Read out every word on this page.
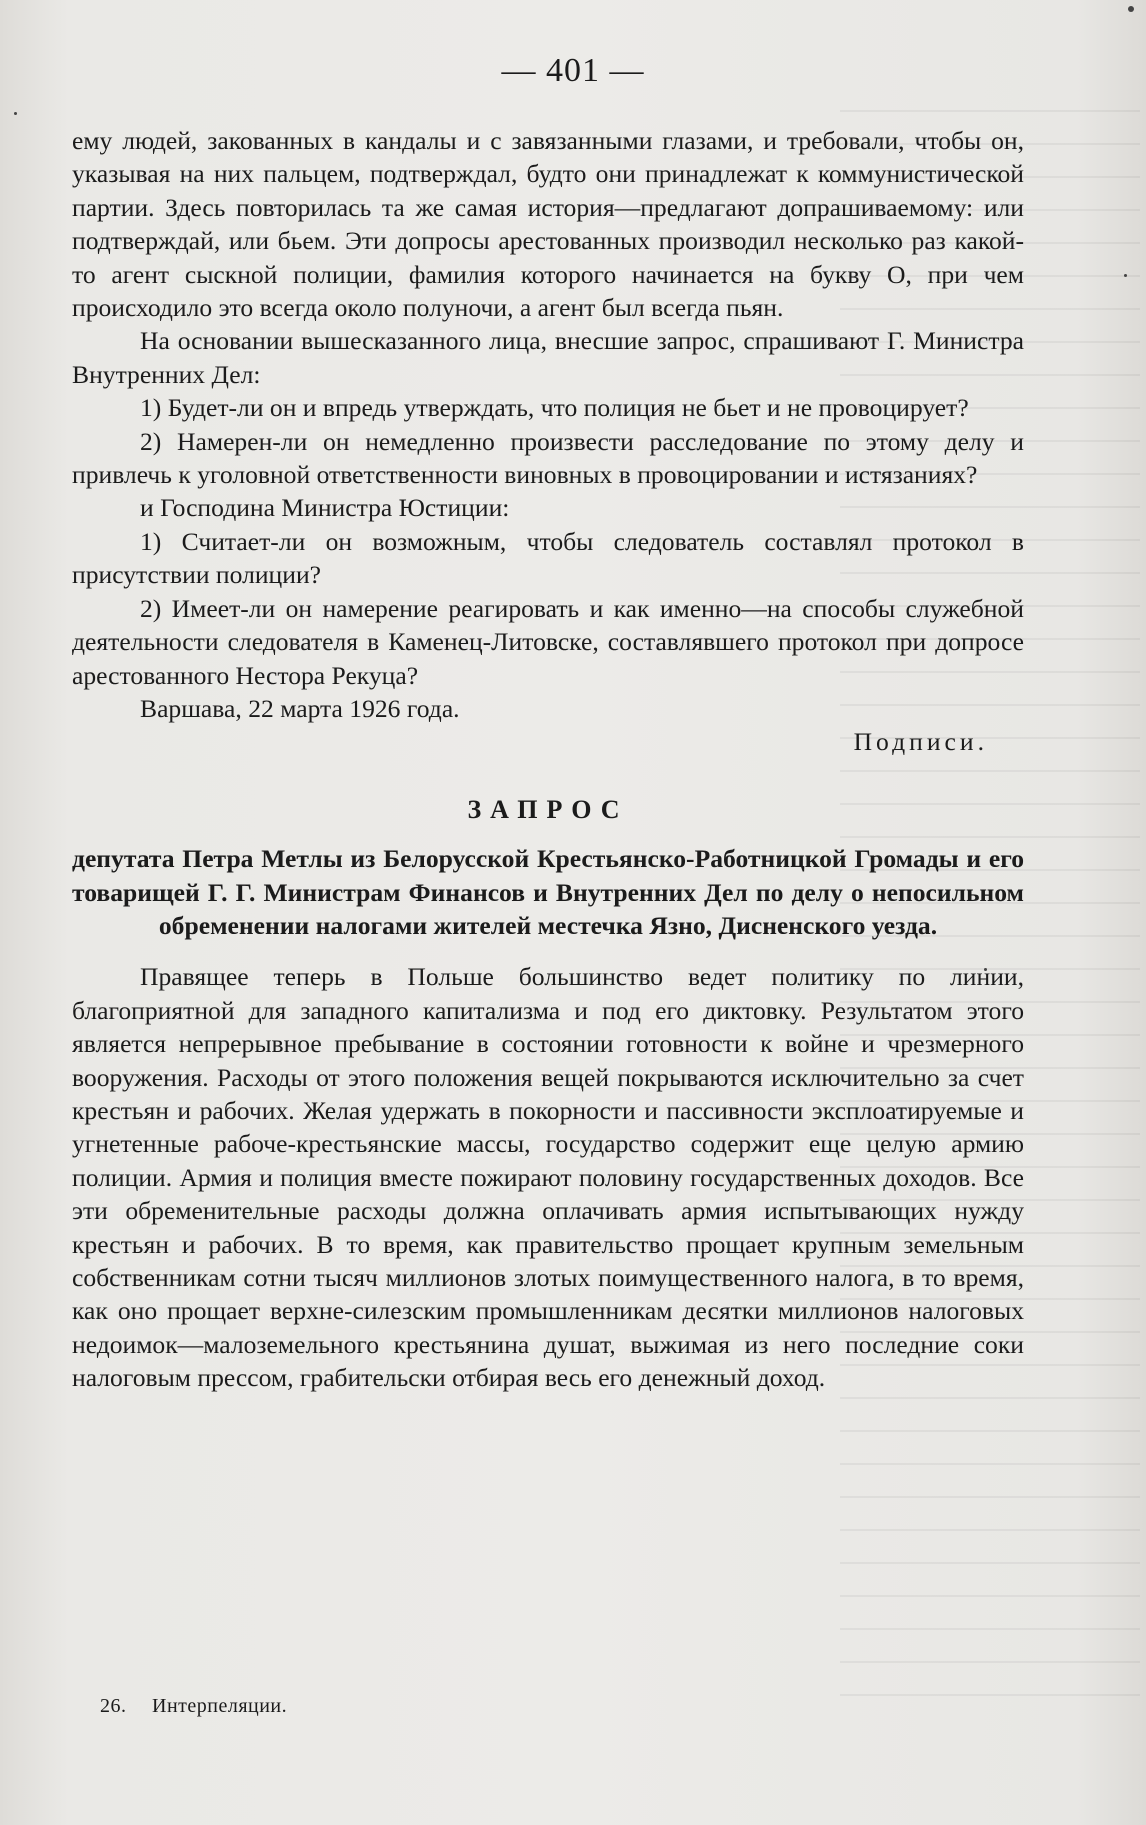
— 401 —

ему людей, закованных в кандалы и с завязанными глазами, и требовали, чтобы он, указывая на них пальцем, подтверждал, будто они принадлежат к коммунистической партии. Здесь повторилась та же самая история—предлагают допрашиваемому: или подтверждай, или бьем. Эти допросы арестованных производил несколько раз какой-то агент сыскной полиции, фамилия которого начинается на букву О, при чем происходило это всегда около полуночи, а агент был всегда пьян.

На основании вышесказанного лица, внесшие запрос, спрашивают Г. Министра Внутренних Дел:

1) Будет-ли он и впредь утверждать, что полиция не бьет и не провоцирует?

2) Намерен-ли он немедленно произвести расследование по этому делу и привлечь к уголовной ответственности виновных в провоцировании и истязаниях?

и Господина Министра Юстиции:

1) Считает-ли он возможным, чтобы следователь составлял протокол в присутствии полиции?

2) Имеет-ли он намерение реагировать и как именно—на способы служебной деятельности следователя в Каменец-Литовске, составлявшего протокол при допросе арестованного Нестора Рекуца?

Варшава, 22 марта 1926 года.

Подписи.

ЗАПРОС

депутата Петра Метлы из Белорусской Крестьянско-Работницкой Громады и его товарищей Г. Г. Министрам Финансов и Внутренних Дел по делу о непосильном обременении налогами жителей местечка Язно, Дисненского уезда.

Правящее теперь в Польше большинство ведет политику по линии, благоприятной для западного капитализма и под его диктовку. Результатом этого является непрерывное пребывание в состоянии готовности к войне и чрезмерного вооружения. Расходы от этого положения вещей покрываются исключительно за счет крестьян и рабочих. Желая удержать в покорности и пассивности эксплоатируемые и угнетенные рабоче-крестьянские массы, государство содержит еще целую армию полиции. Армия и полиция вместе пожирают половину государственных доходов. Все эти обременительные расходы должна оплачивать армия испытывающих нужду крестьян и рабочих. В то время, как правительство прощает крупным земельным собственникам сотни тысяч миллионов злотых поимущественного налога, в то время, как оно прощает верхне-силезским промышленникам десятки миллионов налоговых недоимок—малоземельного крестьянина душат, выжимая из него последние соки налоговым прессом, грабительски отбирая весь его денежный доход.

26. Интерпеляции.
